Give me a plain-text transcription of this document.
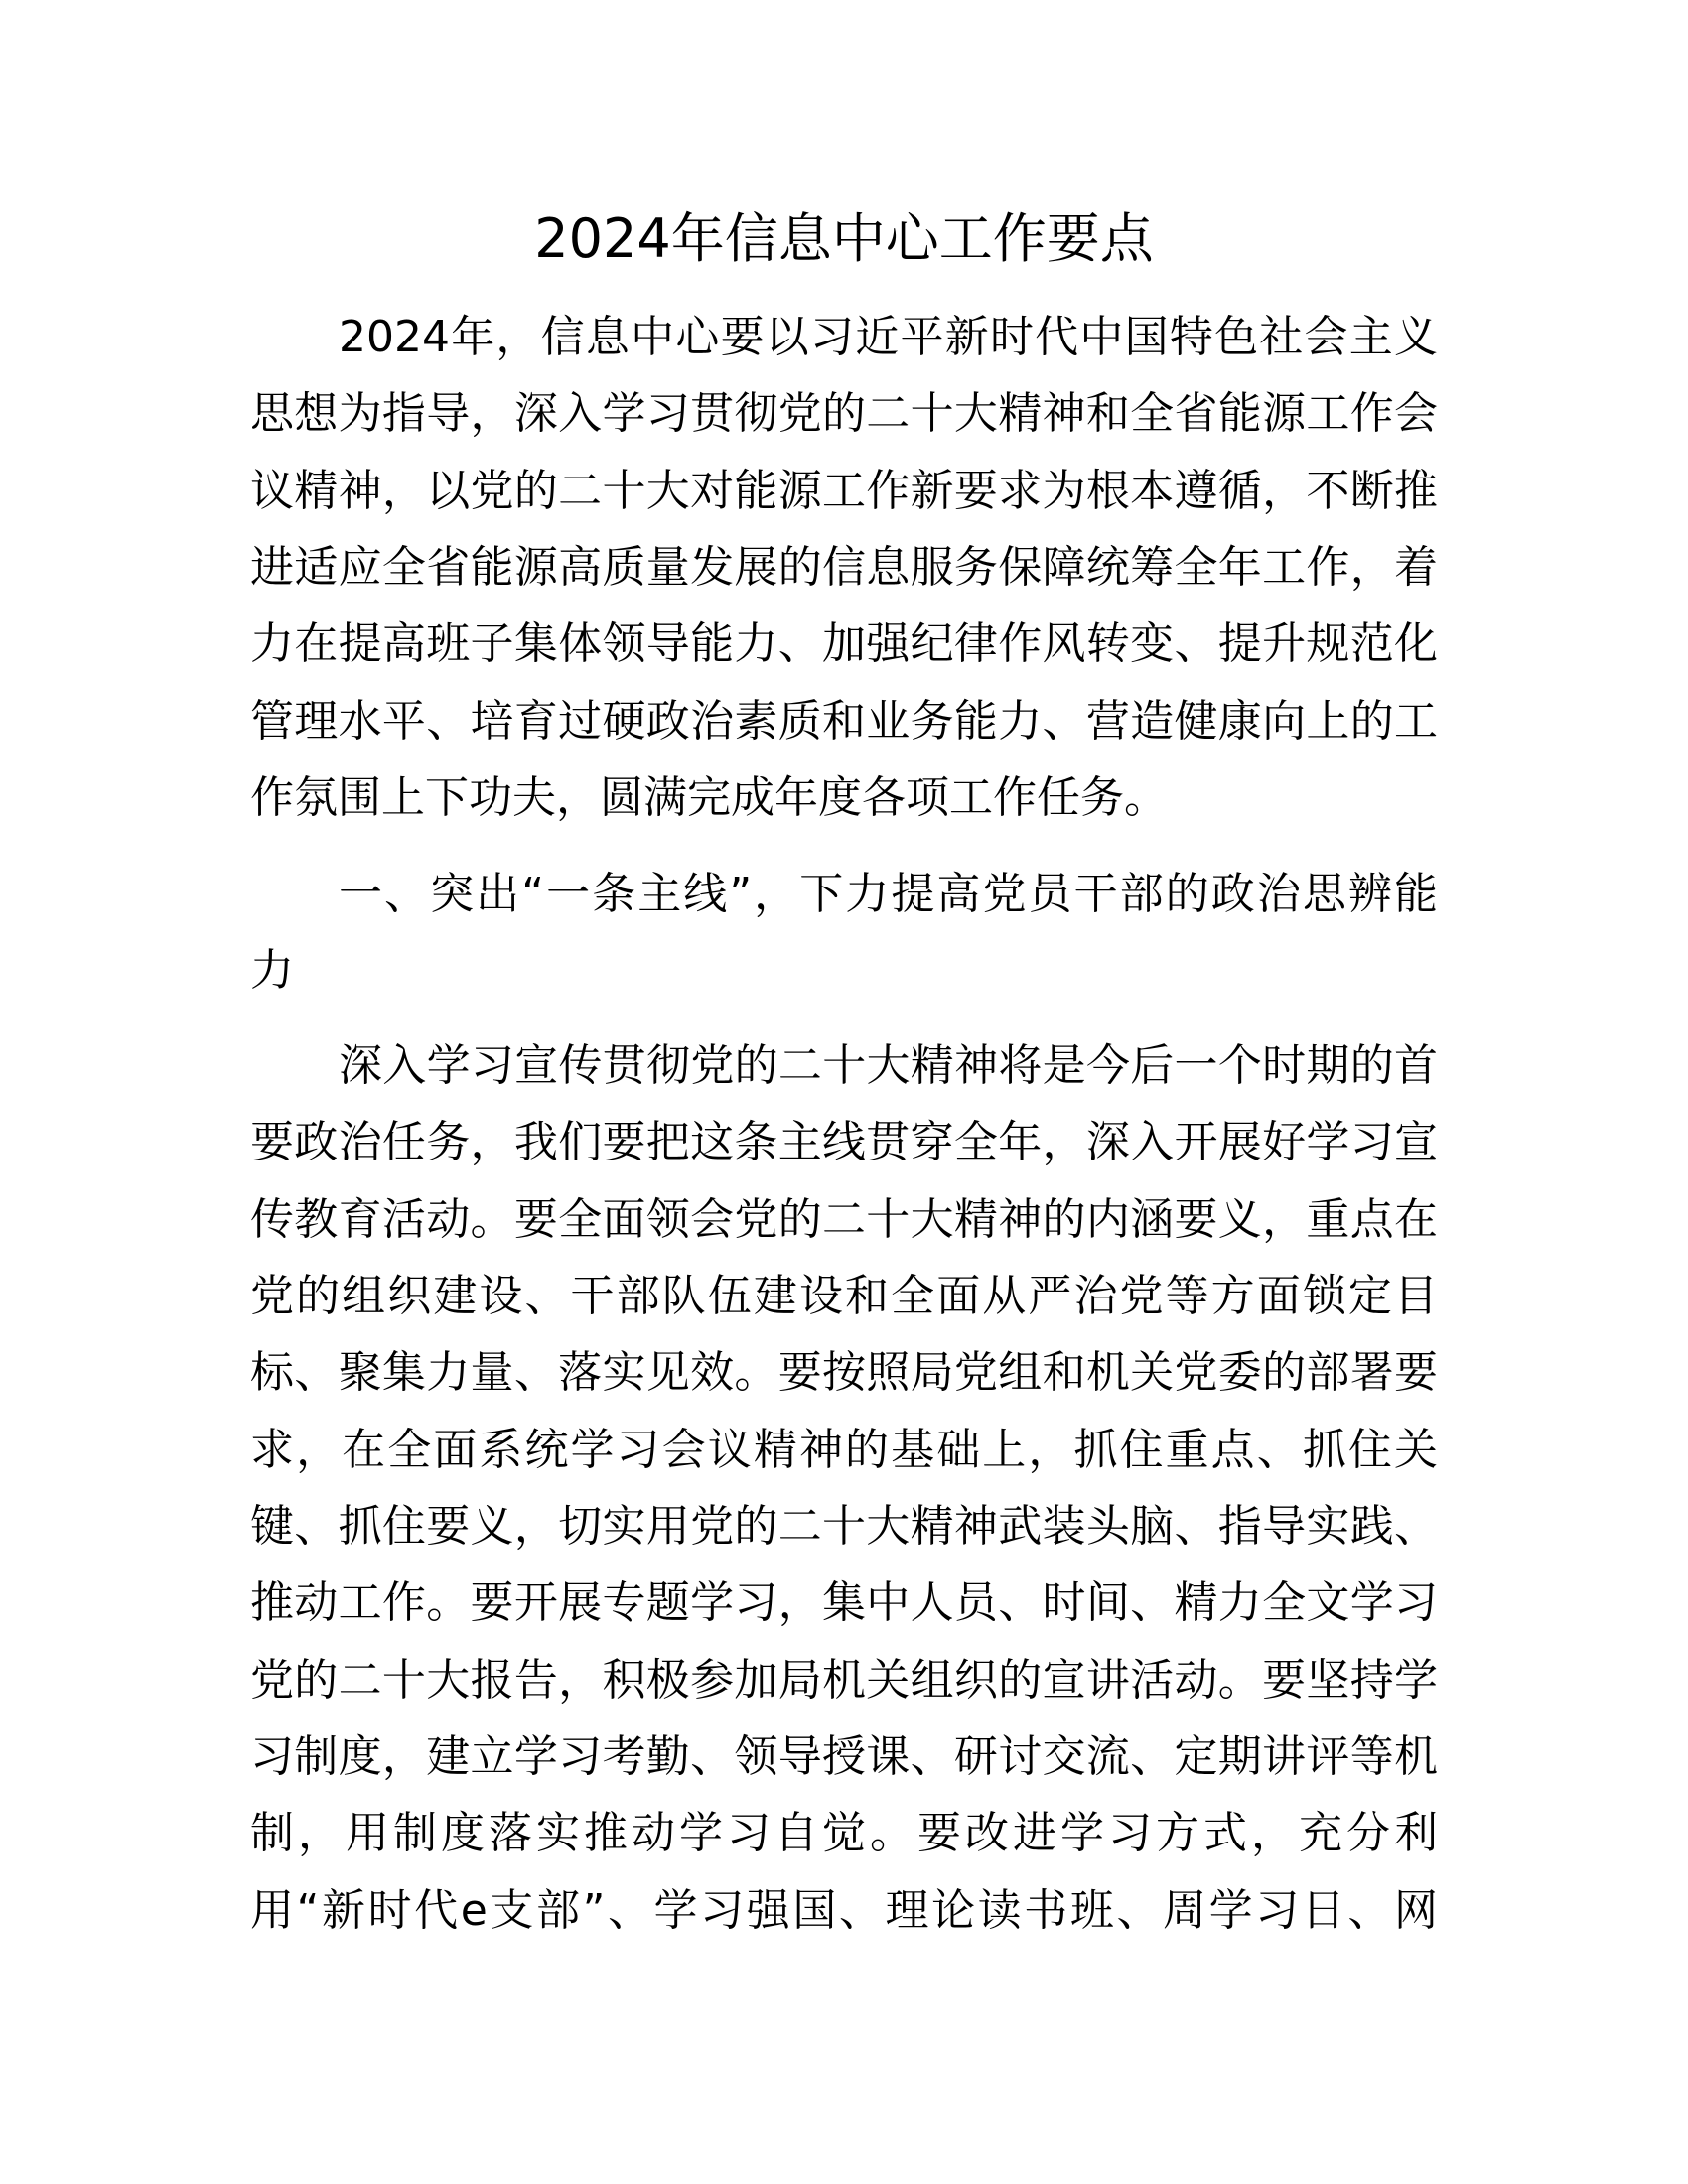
2024年信息中心工作要点
2024年，信息中心要以习近平新时代中国特色社会主义
思想为指导，深入学习贯彻党的二十大精神和全省能源工作会
议精神，以党的二十大对能源工作新要求为根本遵循，不断推
进适应全省能源高质量发展的信息服务保障统筹全年工作，着
力在提高班子集体领导能力、加强纪律作风转变、提升规范化
管理水平、培育过硬政治素质和业务能力、营造健康向上的工
作氛围上下功夫，圆满完成年度各项工作任务。
一、突出“一条主线”，下力提高党员干部的政治思辨能
力
深入学习宣传贯彻党的二十大精神将是今后一个时期的首
要政治任务，我们要把这条主线贯穿全年，深入开展好学习宣
传教育活动。要全面领会党的二十大精神的内涵要义，重点在
党的组织建设、干部队伍建设和全面从严治党等方面锁定目
标、聚集力量、落实见效。要按照局党组和机关党委的部署要
求，在全面系统学习会议精神的基础上，抓住重点、抓住关
键、抓住要义，切实用党的二十大精神武装头脑、指导实践、
推动工作。要开展专题学习，集中人员、时间、精力全文学习
党的二十大报告，积极参加局机关组织的宣讲活动。要坚持学
习制度，建立学习考勤、领导授课、研讨交流、定期讲评等机
制，用制度落实推动学习自觉。要改进学习方式，充分利
用“新时代e支部”、学习强国、理论读书班、周学习日、网
